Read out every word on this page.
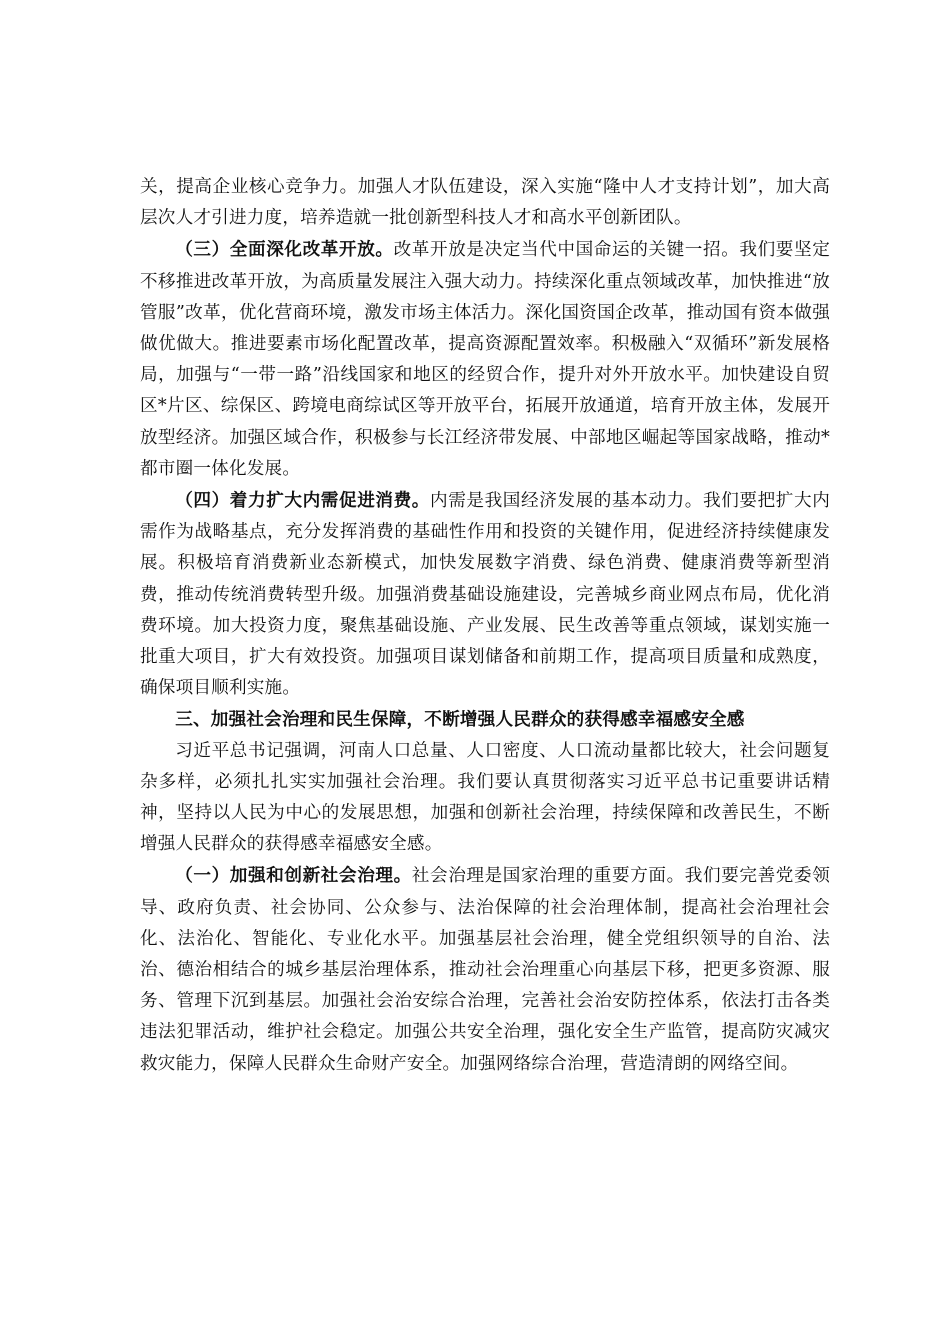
关，提高企业核心竞争力。加强人才队伍建设，深入实施“隆中人才支持计划”，加大高层次人才引进力度，培养造就一批创新型科技人才和高水平创新团队。

（三）全面深化改革开放。改革开放是决定当代中国命运的关键一招。我们要坚定不移推进改革开放，为高质量发展注入强大动力。持续深化重点领域改革，加快推进“放管服”改革，优化营商环境，激发市场主体活力。深化国资国企改革，推动国有资本做强做优做大。推进要素市场化配置改革，提高资源配置效率。积极融入“双循环”新发展格局，加强与“一带一路”沿线国家和地区的经贸合作，提升对外开放水平。加快建设自贸区*片区、综保区、跨境电商综试区等开放平台，拓展开放通道，培育开放主体，发展开放型经济。加强区域合作，积极参与长江经济带发展、中部地区崛起等国家战略，推动*都市圈一体化发展。

（四）着力扩大内需促进消费。内需是我国经济发展的基本动力。我们要把扩大内需作为战略基点，充分发挥消费的基础性作用和投资的关键作用，促进经济持续健康发展。积极培育消费新业态新模式，加快发展数字消费、绿色消费、健康消费等新型消费，推动传统消费转型升级。加强消费基础设施建设，完善城乡商业网点布局，优化消费环境。加大投资力度，聚焦基础设施、产业发展、民生改善等重点领域，谋划实施一批重大项目，扩大有效投资。加强项目谋划储备和前期工作，提高项目质量和成熟度，确保项目顺利实施。

三、加强社会治理和民生保障，不断增强人民群众的获得感幸福感安全感

习近平总书记强调，河南人口总量、人口密度、人口流动量都比较大，社会问题复杂多样，必须扎扎实实加强社会治理。我们要认真贯彻落实习近平总书记重要讲话精神，坚持以人民为中心的发展思想，加强和创新社会治理，持续保障和改善民生，不断增强人民群众的获得感幸福感安全感。

（一）加强和创新社会治理。社会治理是国家治理的重要方面。我们要完善党委领导、政府负责、社会协同、公众参与、法治保障的社会治理体制，提高社会治理社会化、法治化、智能化、专业化水平。加强基层社会治理，健全党组织领导的自治、法治、德治相结合的城乡基层治理体系，推动社会治理重心向基层下移，把更多资源、服务、管理下沉到基层。加强社会治安综合治理，完善社会治安防控体系，依法打击各类违法犯罪活动，维护社会稳定。加强公共安全治理，强化安全生产监管，提高防灾减灾救灾能力，保障人民群众生命财产安全。加强网络综合治理，营造清朗的网络空间。
